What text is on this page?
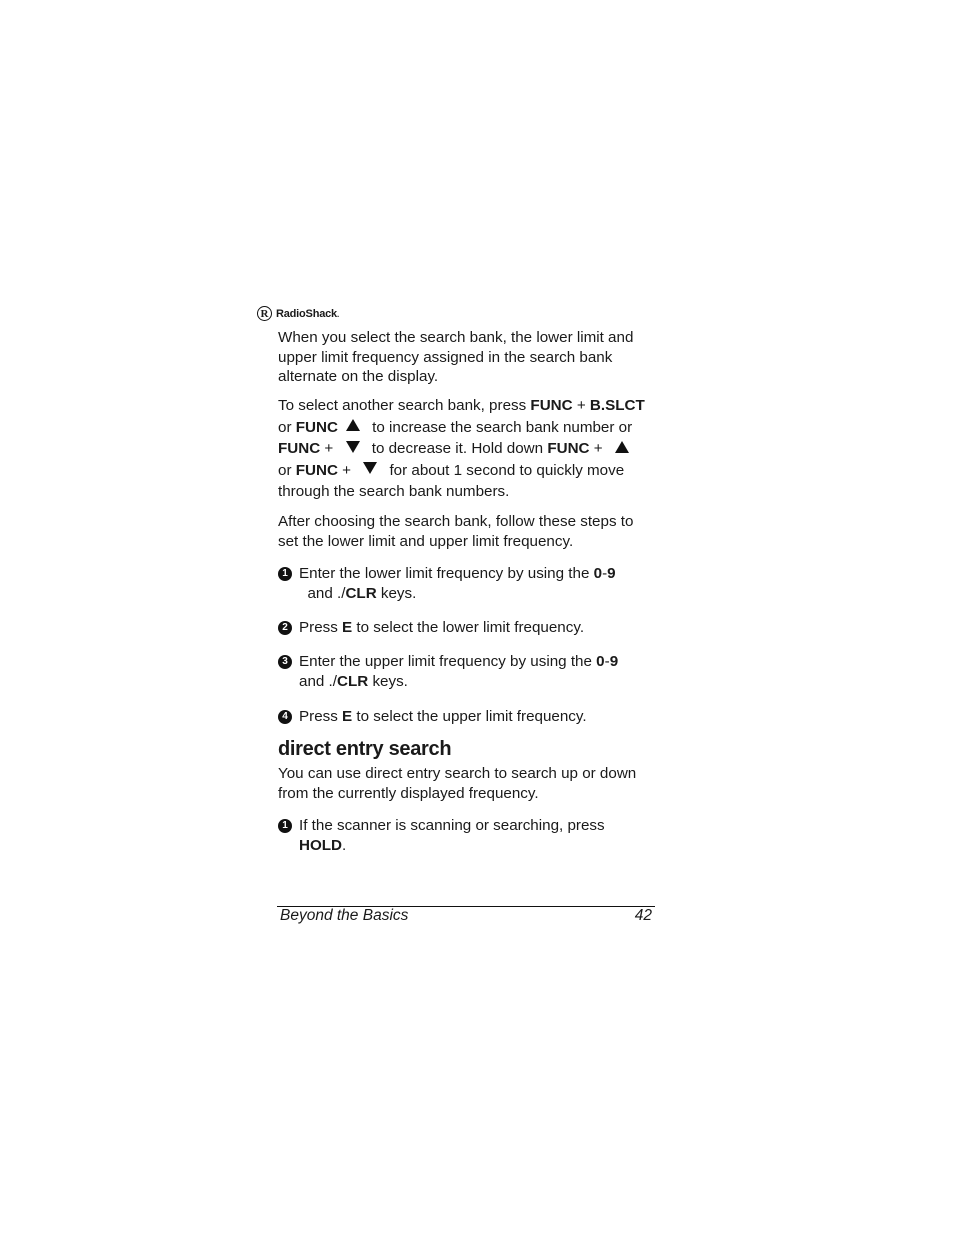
R RadioShack.

When you select the search bank, the lower limit and upper limit frequency assigned in the search bank alternate on the display.

To select another search bank, press FUNC + B.SLCT or FUNC to increase the search bank number or FUNC +  to decrease it. Hold down FUNC +  or FUNC +  for about 1 second to quickly move through the search bank numbers.

After choosing the search bank, follow these steps to set the lower limit and upper limit frequency.

1 Enter the lower limit frequency by using the 0-9
and ./CLR keys.
2 Press E to select the lower limit frequency.
3 Enter the upper limit frequency by using the 0-9
and ./CLR keys.
4 Press E to select the upper limit frequency.
direct entry search

You can use direct entry search to search up or down from the currently displayed frequency.

1 If the scanner is scanning or searching, press
HOLD.
Beyond the Basics	42
